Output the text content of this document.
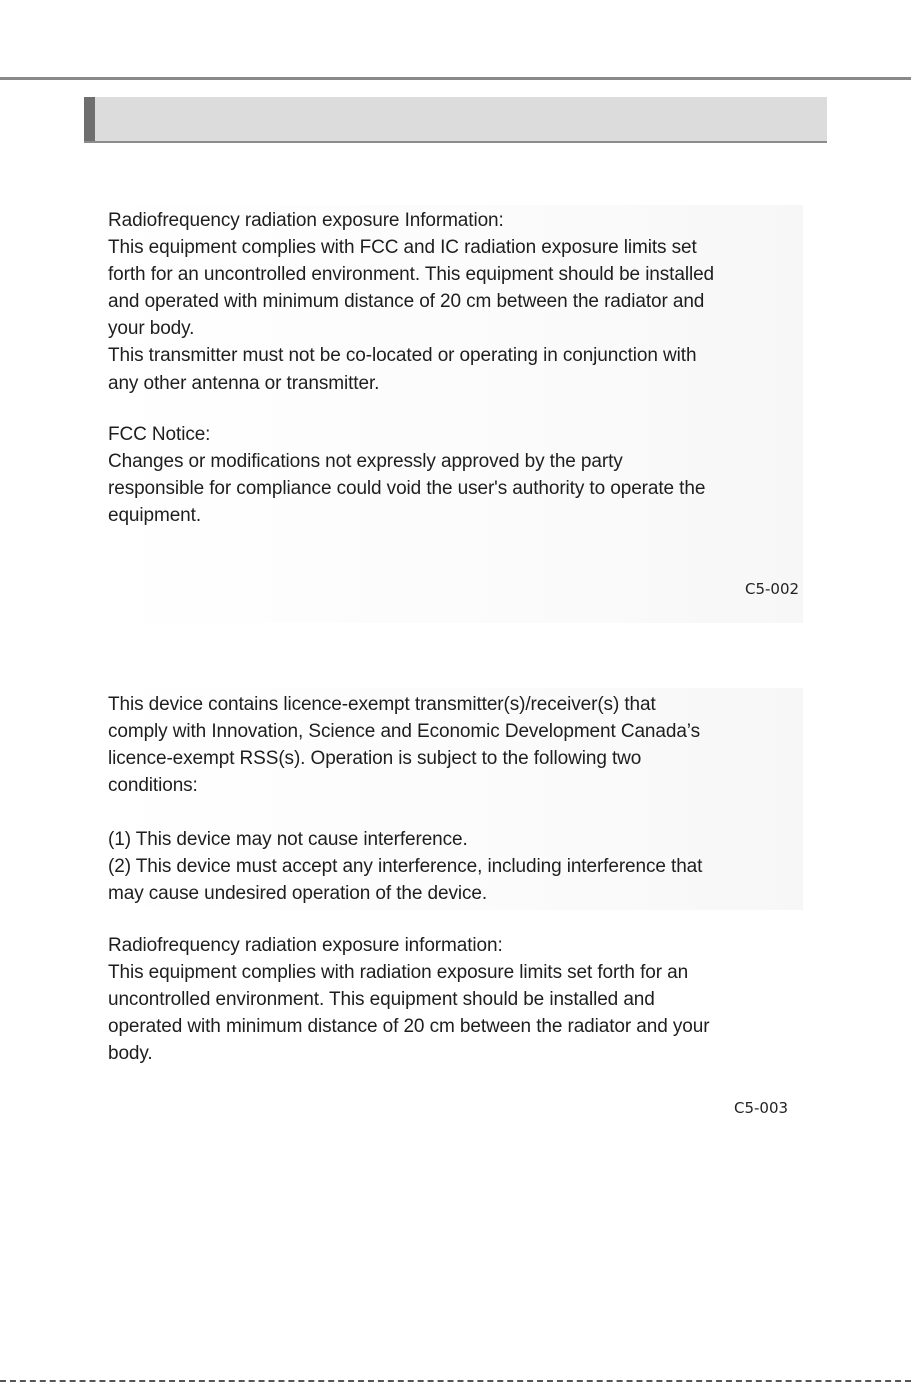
Radiofrequency radiation exposure Information:
This equipment complies with FCC and IC radiation exposure limits set
forth for an uncontrolled environment. This equipment should be installed
and operated with minimum distance of 20 cm between the radiator and
your body.
This transmitter must not be co-located or operating in conjunction with
any other antenna or transmitter.
FCC Notice:
Changes or modifications not expressly approved by the party
responsible for compliance could void the user's authority to operate the
equipment.
C5-002
This device contains licence-exempt transmitter(s)/receiver(s) that
comply with Innovation, Science and Economic Development Canada’s
licence-exempt RSS(s). Operation is subject to the following two
conditions:
(1) This device may not cause interference.
(2) This device must accept any interference, including interference that
may cause undesired operation of the device.
Radiofrequency radiation exposure information:
This equipment complies with radiation exposure limits set forth for an
uncontrolled environment. This equipment should be installed and
operated with minimum distance of 20 cm between the radiator and your
body.
C5-003
